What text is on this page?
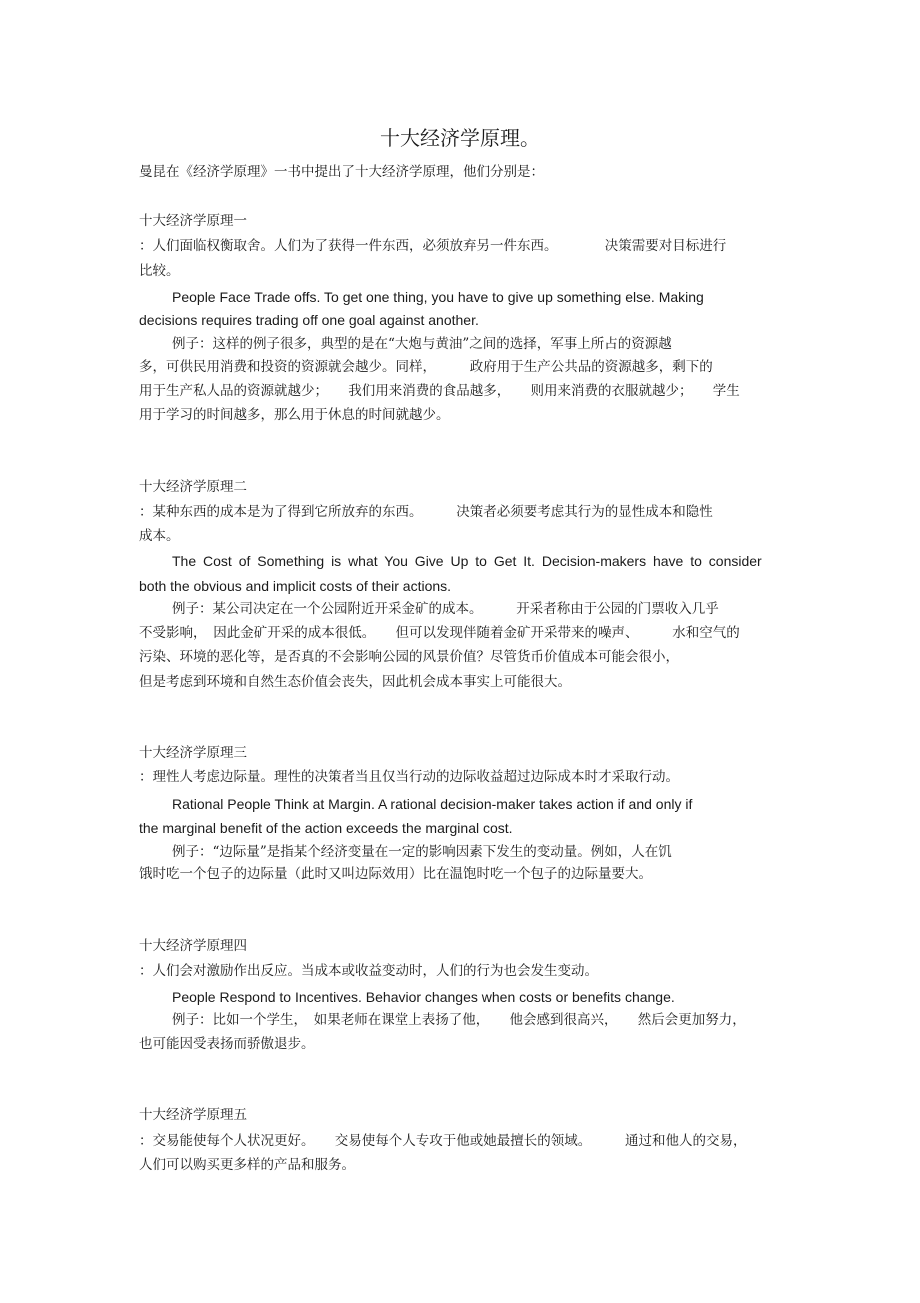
十大经济学原理。

曼昆在《经济学原理》一书中提出了十大经济学原理，他们分别是：

十大经济学原理一

：人们面临权衡取舍。人们为了获得一件东西，必须放弃另一件东西。　　　　决策需要对目标进行

比较。

People Face Trade offs. To get one thing, you have to give up something else. Making

decisions requires trading off one goal against another.

例子：这样的例子很多，典型的是在“大炮与黄油”之间的选择，军事上所占的资源越

多，可供民用消费和投资的资源就会越少。同样，　　　政府用于生产公共品的资源越多，剩下的

用于生产私人品的资源就越少；　　我们用来消费的食品越多，　　则用来消费的衣服就越少；　　学生

用于学习的时间越多，那么用于休息的时间就越少。

十大经济学原理二

：某种东西的成本是为了得到它所放弃的东西。　　　决策者必须要考虑其行为的显性成本和隐性

成本。

The Cost of Something is what You Give Up to Get It. Decision-makers have to consider

both the obvious and implicit costs of their actions.

例子：某公司决定在一个公园附近开采金矿的成本。　　　开采者称由于公园的门票收入几乎

不受影响，　因此金矿开采的成本很低。　　但可以发现伴随着金矿开采带来的噪声、　　　水和空气的

污染、环境的恶化等，是否真的不会影响公园的风景价值？尽管货币价值成本可能会很小，

但是考虑到环境和自然生态价值会丧失，因此机会成本事实上可能很大。

十大经济学原理三

：理性人考虑边际量。理性的决策者当且仅当行动的边际收益超过边际成本时才采取行动。

Rational People Think at Margin. A rational decision-maker takes action if and only if

the marginal benefit of the action exceeds the marginal cost.

例子：“边际量”是指某个经济变量在一定的影响因素下发生的变动量。例如，人在饥

饿时吃一个包子的边际量（此时又叫边际效用）比在温饱时吃一个包子的边际量要大。

十大经济学原理四

：人们会对激励作出反应。当成本或收益变动时，人们的行为也会发生变动。

People Respond to Incentives. Behavior changes when costs or benefits change.

例子：比如一个学生，　如果老师在课堂上表扬了他，　　他会感到很高兴，　　然后会更加努力，

也可能因受表扬而骄傲退步。

十大经济学原理五

：交易能使每个人状况更好。　　交易使每个人专攻于他或她最擅长的领域。　　　通过和他人的交易，

人们可以购买更多样的产品和服务。
